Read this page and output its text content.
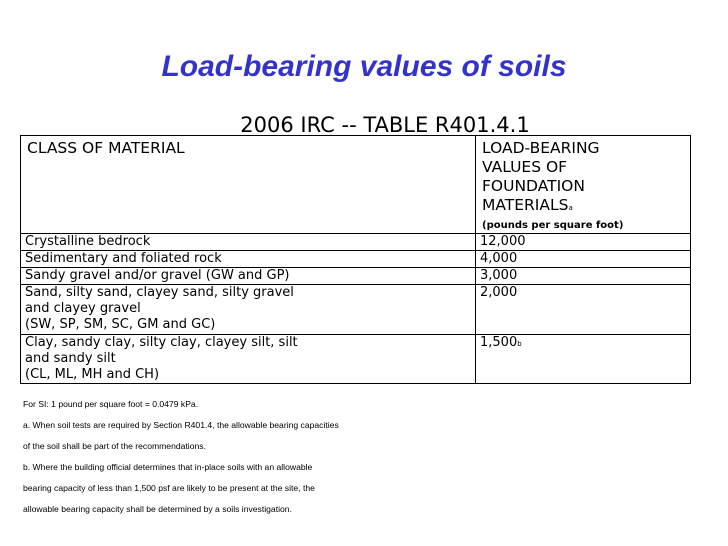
Load-bearing values of soils
2006 IRC -- TABLE R401.4.1
CLASS OF MATERIAL	LOAD-BEARING
VALUES OF
FOUNDATION
MATERIALSa
(pounds per square foot)

Crystalline bedrock	12,000
Sedimentary and foliated rock	4,000
Sandy gravel and/or gravel (GW and GP)	3,000
Sand, silty sand, clayey sand, silty gravel
and clayey gravel
(SW, SP, SM, SC, GM and GC)	2,000
Clay, sandy clay, silty clay, clayey silt, silt
and sandy silt
(CL, ML, MH and CH)	1,500b
For SI: 1 pound per square foot = 0.0479 kPa.
a. When soil tests are required by Section R401.4, the allowable bearing capacities
of the soil shall be part of the recommendations.
b. Where the building official determines that in-place soils with an allowable
bearing capacity of less than 1,500 psf are likely to be present at the site, the
allowable bearing capacity shall be determined by a soils investigation.
